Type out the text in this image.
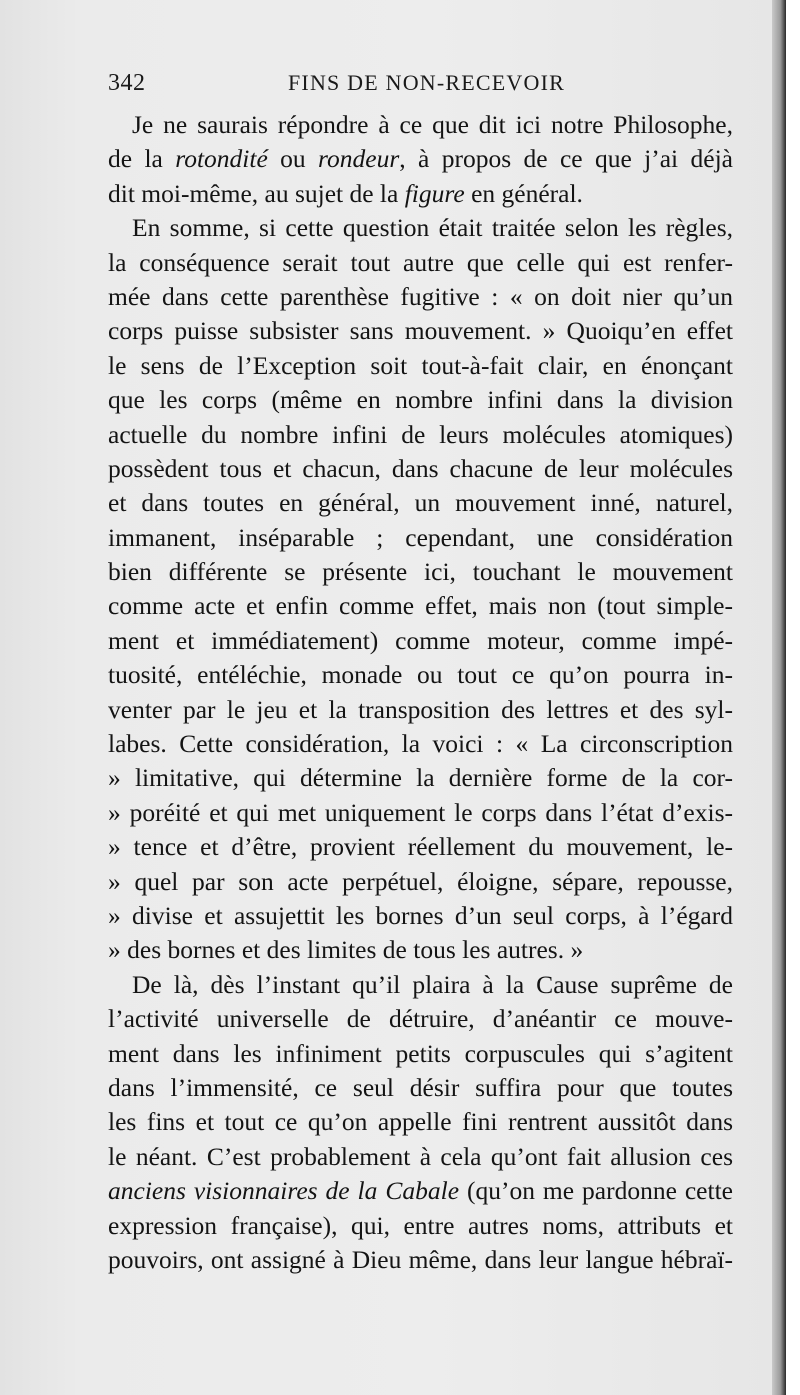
342	FINS DE NON-RECEVOIR
Je ne saurais répondre à ce que dit ici notre Philosophe,
de la rotondité ou rondeur, à propos de ce que j’ai déjà
dit moi-même, au sujet de la figure en général.
En somme, si cette question était traitée selon les règles,
la conséquence serait tout autre que celle qui est renfer-
mée dans cette parenthèse fugitive : « on doit nier qu’un
corps puisse subsister sans mouvement. » Quoiqu’en effet
le sens de l’Exception soit tout-à-fait clair, en énonçant
que les corps (même en nombre infini dans la division
actuelle du nombre infini de leurs molécules atomiques)
possèdent tous et chacun, dans chacune de leur molécules
et dans toutes en général, un mouvement inné, naturel,
immanent, inséparable ; cependant, une considération
bien différente se présente ici, touchant le mouvement
comme acte et enfin comme effet, mais non (tout simple-
ment et immédiatement) comme moteur, comme impé-
tuosité, entéléchie, monade ou tout ce qu’on pourra in-
venter par le jeu et la transposition des lettres et des syl-
labes. Cette considération, la voici : « La circonscription
» limitative, qui détermine la dernière forme de la cor-
» poréité et qui met uniquement le corps dans l’état d’exis-
» tence et d’être, provient réellement du mouvement, le-
» quel par son acte perpétuel, éloigne, sépare, repousse,
» divise et assujettit les bornes d’un seul corps, à l’égard
» des bornes et des limites de tous les autres. »
De là, dès l’instant qu’il plaira à la Cause suprême de
l’activité universelle de détruire, d’anéantir ce mouve-
ment dans les infiniment petits corpuscules qui s’agitent
dans l’immensité, ce seul désir suffira pour que toutes
les fins et tout ce qu’on appelle fini rentrent aussitôt dans
le néant. C’est probablement à cela qu’ont fait allusion ces
anciens visionnaires de la Cabale (qu’on me pardonne cette
expression française), qui, entre autres noms, attributs et
pouvoirs, ont assigné à Dieu même, dans leur langue hébraï-
